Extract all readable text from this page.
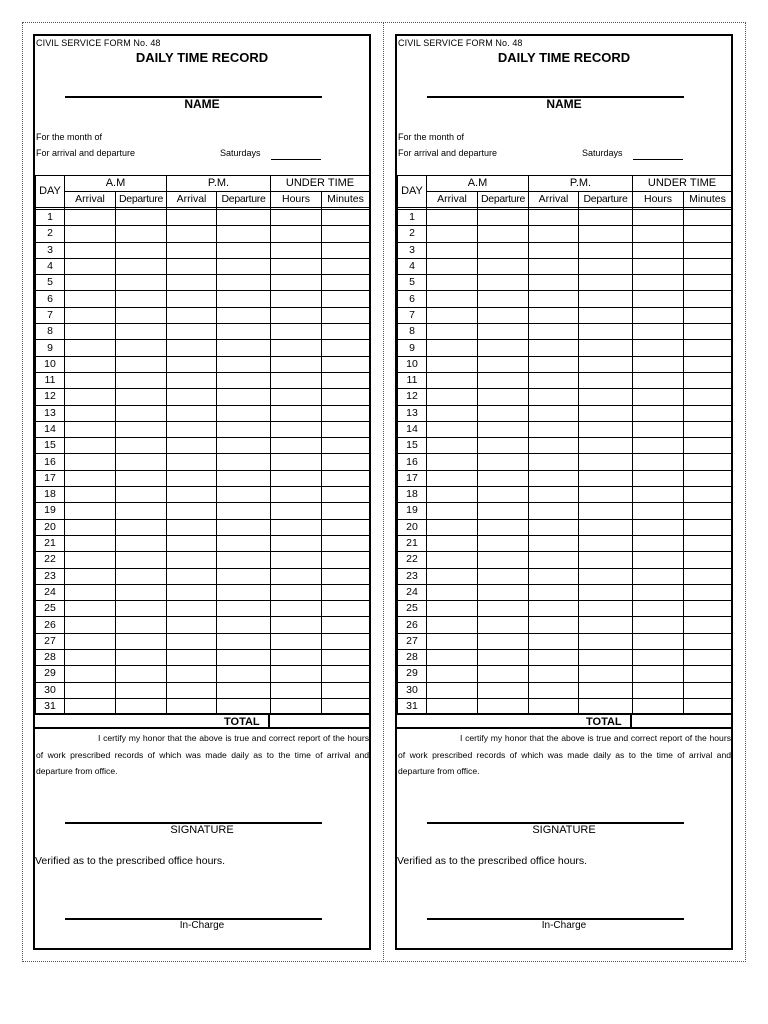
CIVIL SERVICE FORM No. 48
DAILY TIME RECORD
NAME
For the month of
For arrival and departure	Saturdays
DAY	A.M		P.M.		UNDER TIME	
	Arrival	Departure	Arrival	Departure	Hours	Minutes

1						
2						
3						
4						
5						
6						
7						
8						
9						
10						
11						
12						
13						
14						
15						
16						
17						
18						
19						
20						
21						
22						
23						
24						
25						
26						
27						
28						
29						
30						
31						
TOTAL
I certify my honor that the above is true and correct report of the hours of work prescribed records of which was made daily as to the time of arrival and departure from office.
SIGNATURE
Verified as to the prescribed office hours.
In-Charge
CIVIL SERVICE FORM No. 48
DAILY TIME RECORD
NAME
For the month of
For arrival and departure	Saturdays
DAY	A.M		P.M.		UNDER TIME	
	Arrival	Departure	Arrival	Departure	Hours	Minutes

1						
2						
3						
4						
5						
6						
7						
8						
9						
10						
11						
12						
13						
14						
15						
16						
17						
18						
19						
20						
21						
22						
23						
24						
25						
26						
27						
28						
29						
30						
31						
TOTAL
I certify my honor that the above is true and correct report of the hours of work prescribed records of which was made daily as to the time of arrival and departure from office.
SIGNATURE
Verified as to the prescribed office hours.
In-Charge
